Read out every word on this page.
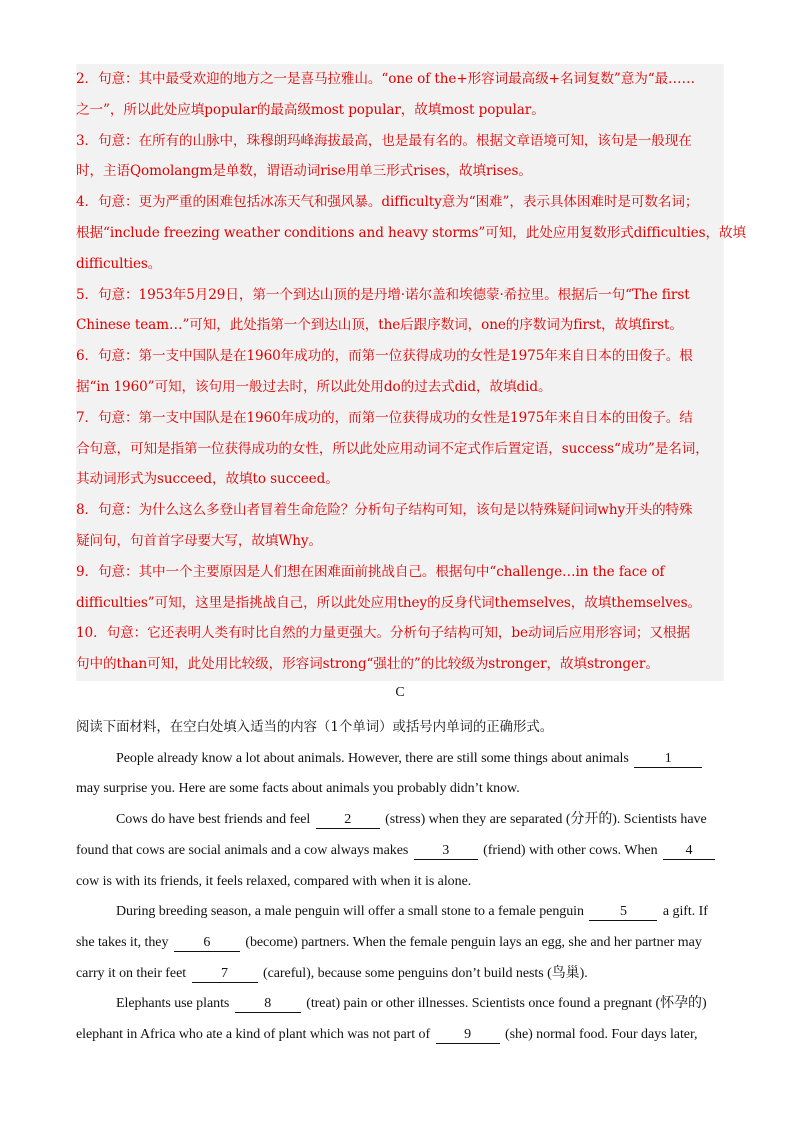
2．句意：其中最受欢迎的地方之一是喜马拉雅山。“one of the+形容词最高级+名词复数”意为“最……

之一”，所以此处应填popular的最高级most popular，故填most popular。

3．句意：在所有的山脉中，珠穆朗玛峰海拔最高，也是最有名的。根据文章语境可知，该句是一般现在

时，主语Qomolangm是单数，谓语动词rise用单三形式rises，故填rises。

4．句意：更为严重的困难包括冰冻天气和强风暴。difficulty意为“困难”，表示具体困难时是可数名词；

根据“include freezing weather conditions and heavy storms”可知，此处应用复数形式difficulties，故填

difficulties。

5．句意：1953年5月29日，第一个到达山顶的是丹增·诺尔盖和埃德蒙·希拉里。根据后一句“The first

Chinese team…”可知，此处指第一个到达山顶，the后跟序数词，one的序数词为first，故填first。

6．句意：第一支中国队是在1960年成功的，而第一位获得成功的女性是1975年来自日本的田俊子。根

据“in 1960”可知，该句用一般过去时，所以此处用do的过去式did，故填did。

7．句意：第一支中国队是在1960年成功的，而第一位获得成功的女性是1975年来自日本的田俊子。结

合句意，可知是指第一位获得成功的女性，所以此处应用动词不定式作后置定语，success“成功”是名词，

其动词形式为succeed，故填to succeed。

8．句意：为什么这么多登山者冒着生命危险？分析句子结构可知，该句是以特殊疑问词why开头的特殊

疑问句，句首首字母要大写，故填Why。

9．句意：其中一个主要原因是人们想在困难面前挑战自己。根据句中“challenge…in the face of

difficulties”可知，这里是指挑战自己，所以此处应用they的反身代词themselves，故填themselves。

10．句意：它还表明人类有时比自然的力量更强大。分析句子结构可知，be动词后应用形容词；又根据

句中的than可知，此处用比较级，形容词strong“强壮的”的比较级为stronger，故填stronger。

C

阅读下面材料，在空白处填入适当的内容（1个单词）或括号内单词的正确形式。

People already know a lot about animals. However, there are still some things about animals	1

may surprise you. Here are some facts about animals you probably didn’t know.

Cows do have best friends and feel 2 (stress) when they are separated (分开的). Scientists have

found that cows are social animals and a cow always makes 3 (friend) with other cows. When 4

cow is with its friends, it feels relaxed, compared with when it is alone.

During breeding season, a male penguin will offer a small stone to a female penguin	5	a gift. If

she takes it, they 6 (become) partners. When the female penguin lays an egg, she and her partner may

carry it on their feet 7 (careful), because some penguins don’t build nests (鸟巢).

Elephants use plants 8 (treat) pain or other illnesses. Scientists once found a pregnant (怀孕的)

elephant in Africa who ate a kind of plant which was not part of 9 (she) normal food. Four days later,
